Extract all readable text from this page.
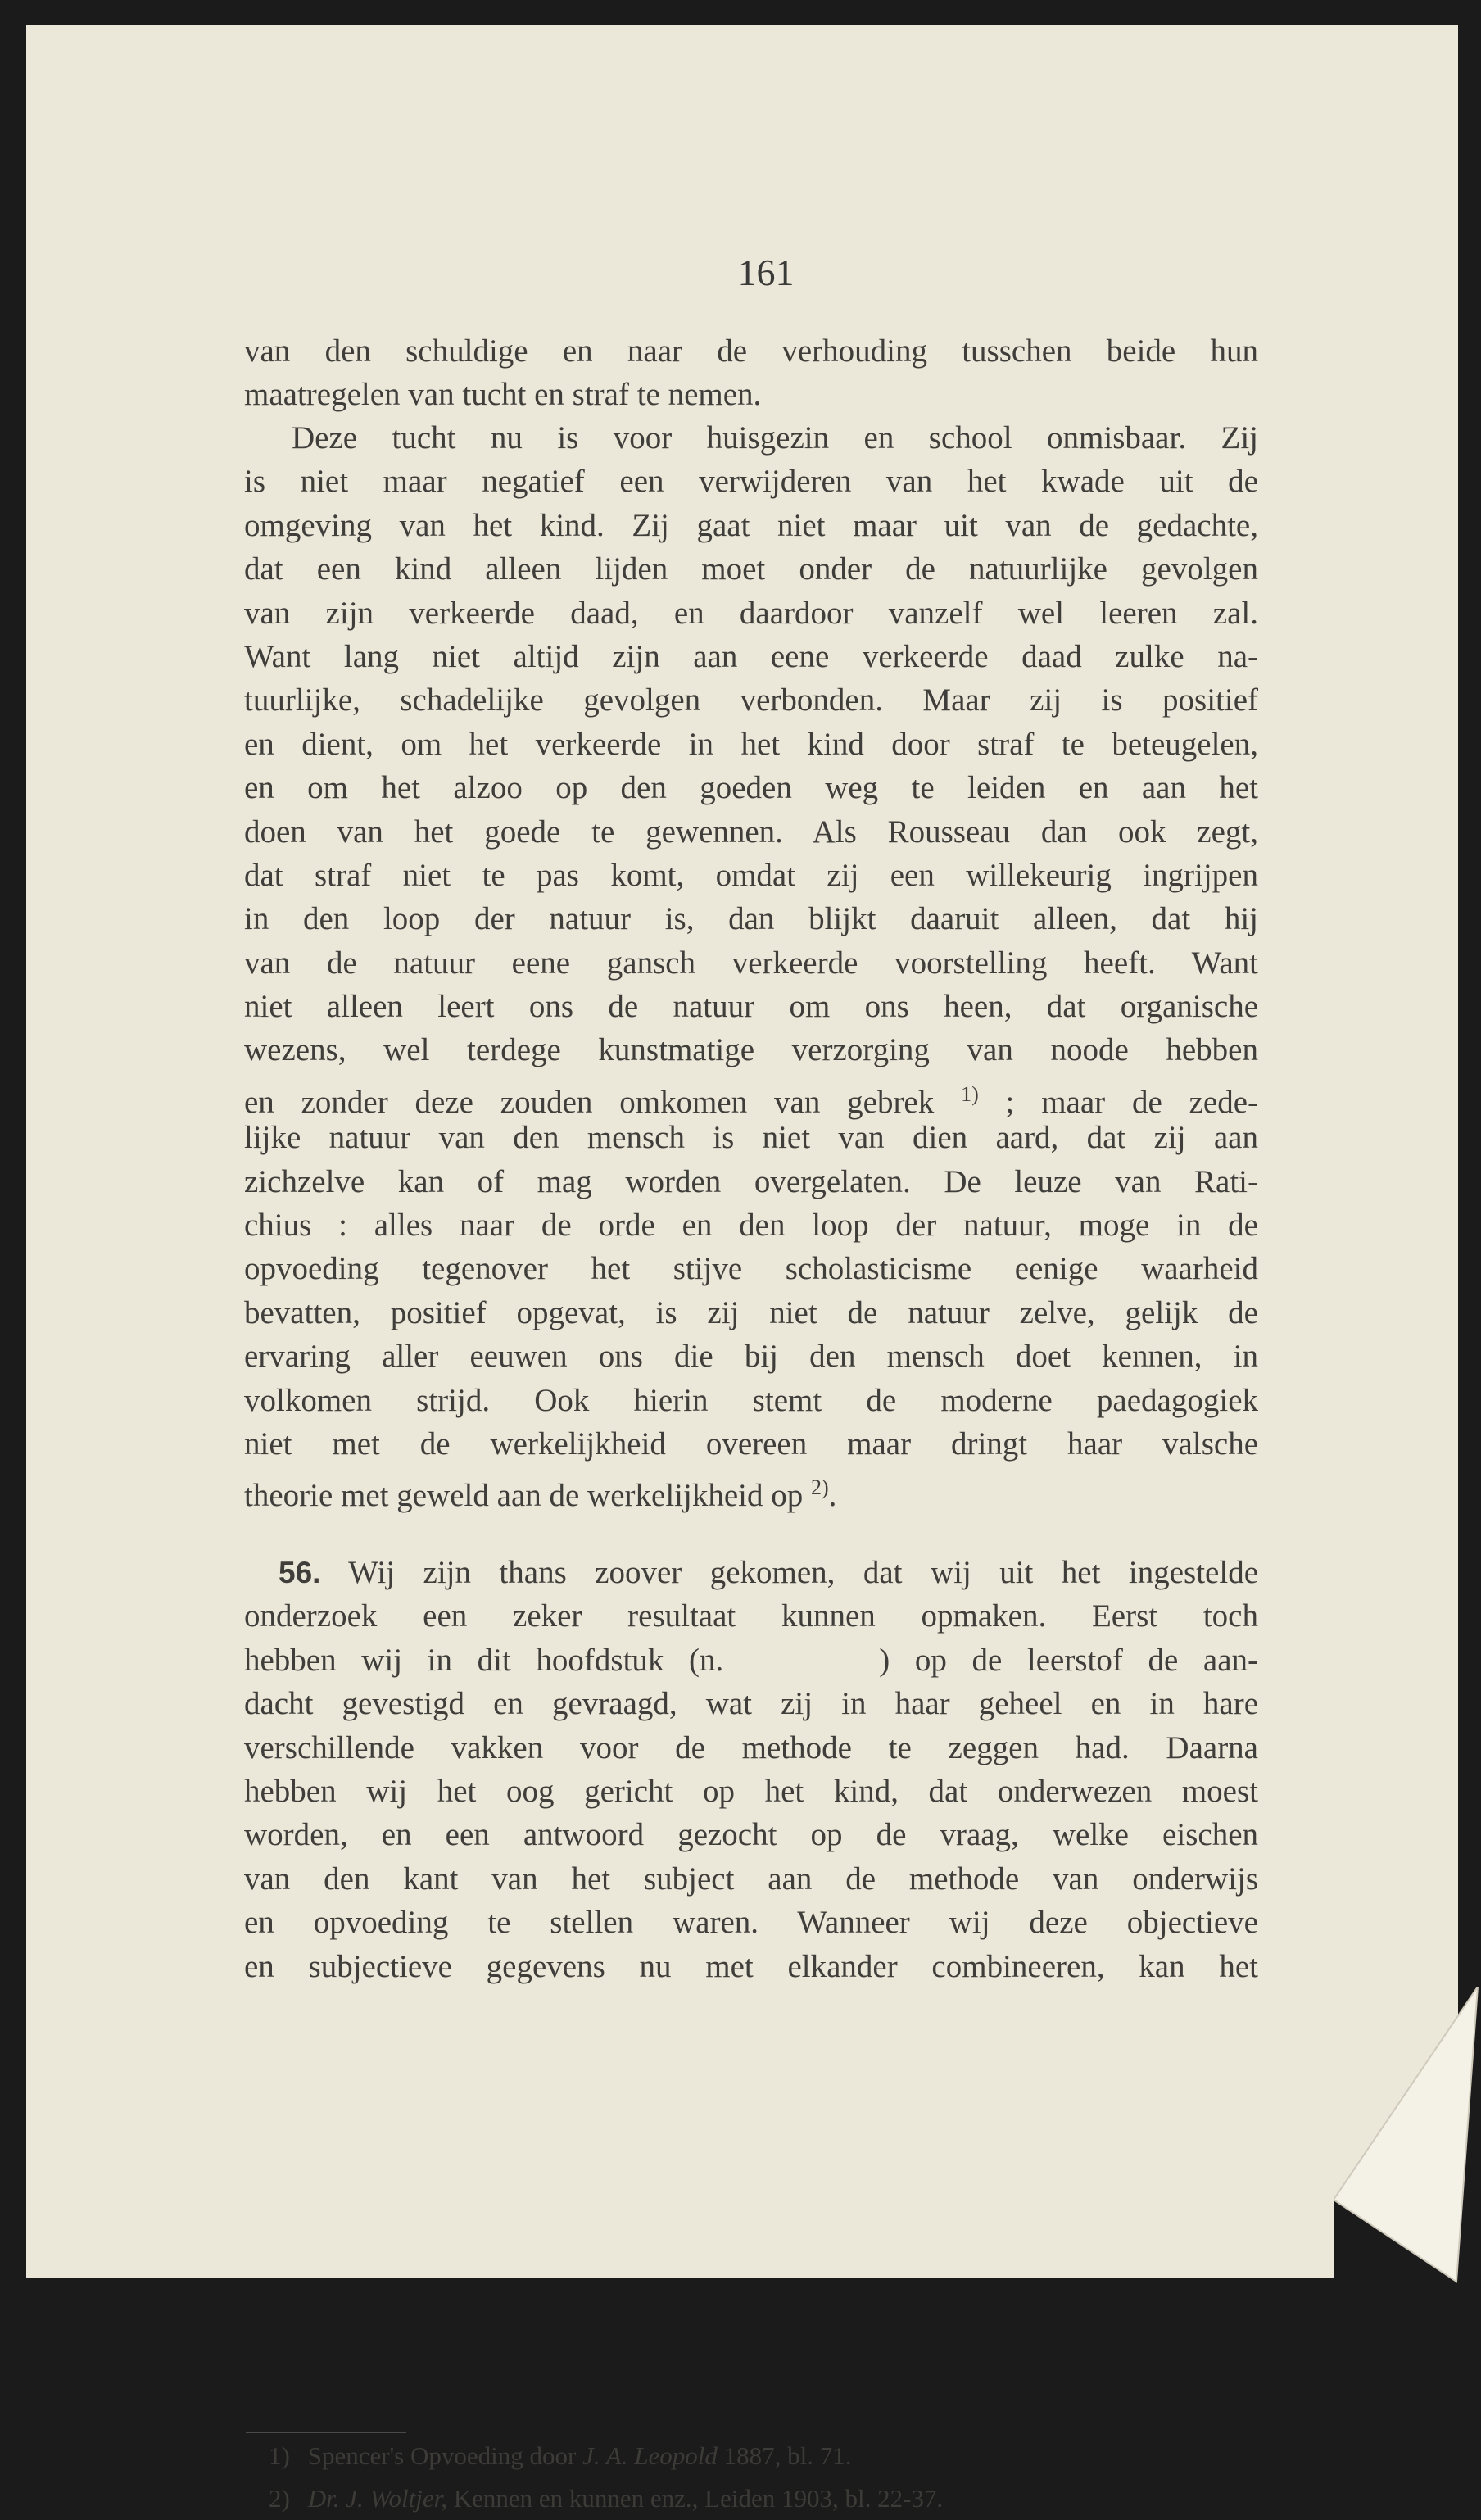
161
van den schuldige en naar de verhouding tusschen beide hun
maatregelen van tucht en straf te nemen.
Deze tucht nu is voor huisgezin en school onmisbaar. Zij
is niet maar negatief een verwijderen van het kwade uit de
omgeving van het kind. Zij gaat niet maar uit van de gedachte,
dat een kind alleen lijden moet onder de natuurlijke gevolgen
van zijn verkeerde daad, en daardoor vanzelf wel leeren zal.
Want lang niet altijd zijn aan eene verkeerde daad zulke na-
tuurlijke, schadelijke gevolgen verbonden. Maar zij is positief
en dient, om het verkeerde in het kind door straf te beteugelen,
en om het alzoo op den goeden weg te leiden en aan het
doen van het goede te gewennen. Als Rousseau dan ook zegt,
dat straf niet te pas komt, omdat zij een willekeurig ingrijpen
in den loop der natuur is, dan blijkt daaruit alleen, dat hij
van de natuur eene gansch verkeerde voorstelling heeft. Want
niet alleen leert ons de natuur om ons heen, dat organische
wezens, wel terdege kunstmatige verzorging van noode hebben
en zonder deze zouden omkomen van gebrek $^{1)}$ ; maar de zede-
lijke natuur van den mensch is niet van dien aard, dat zij aan
zichzelve kan of mag worden overgelaten. De leuze van Rati-
chius : alles naar de orde en den loop der natuur, moge in de
opvoeding tegenover het stijve scholasticisme eenige waarheid
bevatten, positief opgevat, is zij niet de natuur zelve, gelijk de
ervaring aller eeuwen ons die bij den mensch doet kennen, in
volkomen strijd. Ook hierin stemt de moderne paedagogiek
niet met de werkelijkheid overeen maar dringt haar valsche
theorie met geweld aan de werkelijkheid op $^{2)}$.
56. Wij zijn thans zoover gekomen, dat wij uit het ingestelde
onderzoek een zeker resultaat kunnen opmaken. Eerst toch
hebben wij in dit hoofdstuk (n.	) op de leerstof de aan-
dacht gevestigd en gevraagd, wat zij in haar geheel en in hare
verschillende vakken voor de methode te zeggen had. Daarna
hebben wij het oog gericht op het kind, dat onderwezen moest
worden, en een antwoord gezocht op de vraag, welke eischen
van den kant van het subject aan de methode van onderwijs
en opvoeding te stellen waren. Wanneer wij deze objectieve
en subjectieve gegevens nu met elkander combineeren, kan het
1) Spencer's Opvoeding door J. A. Leopold 1887, bl. 71.
2) Dr. J. Woltjer, Kennen en kunnen enz., Leiden 1903, bl. 22-37.
